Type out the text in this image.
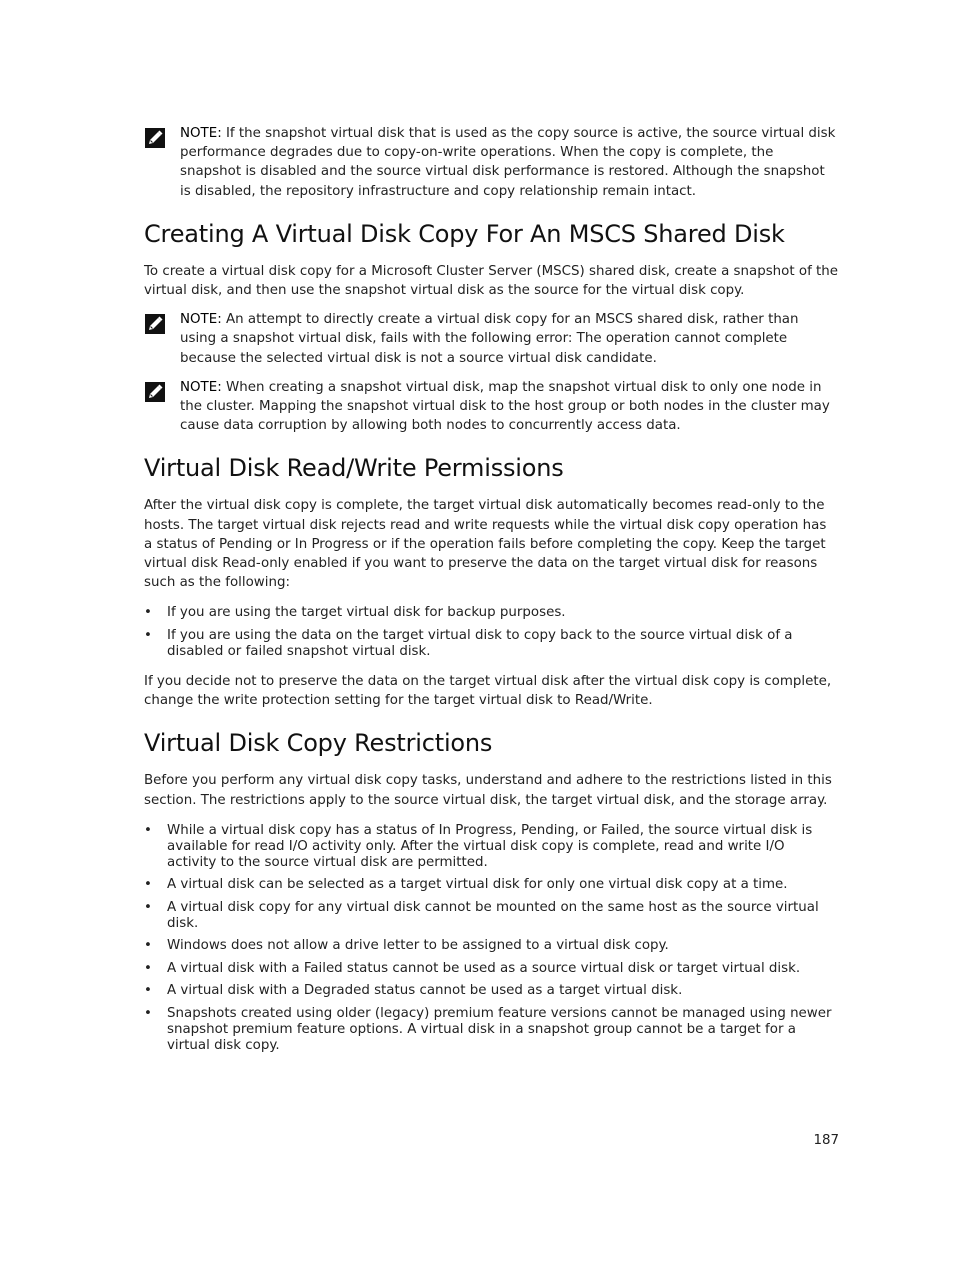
NOTE: If the snapshot virtual disk that is used as the copy source is active, the source virtual disk performance degrades due to copy-on-write operations. When the copy is complete, the snapshot is disabled and the source virtual disk performance is restored. Although the snapshot is disabled, the repository infrastructure and copy relationship remain intact.

Creating A Virtual Disk Copy For An MSCS Shared Disk

To create a virtual disk copy for a Microsoft Cluster Server (MSCS) shared disk, create a snapshot of the virtual disk, and then use the snapshot virtual disk as the source for the virtual disk copy.

NOTE: An attempt to directly create a virtual disk copy for an MSCS shared disk, rather than using a snapshot virtual disk, fails with the following error: The operation cannot complete because the selected virtual disk is not a source virtual disk candidate.

NOTE: When creating a snapshot virtual disk, map the snapshot virtual disk to only one node in the cluster. Mapping the snapshot virtual disk to the host group or both nodes in the cluster may cause data corruption by allowing both nodes to concurrently access data.

Virtual Disk Read/Write Permissions

After the virtual disk copy is complete, the target virtual disk automatically becomes read-only to the hosts. The target virtual disk rejects read and write requests while the virtual disk copy operation has a status of Pending or In Progress or if the operation fails before completing the copy. Keep the target virtual disk Read-only enabled if you want to preserve the data on the target virtual disk for reasons such as the following:

• If you are using the target virtual disk for backup purposes.
• If you are using the data on the target virtual disk to copy back to the source virtual disk of a disabled or failed snapshot virtual disk.

If you decide not to preserve the data on the target virtual disk after the virtual disk copy is complete, change the write protection setting for the target virtual disk to Read/Write.

Virtual Disk Copy Restrictions

Before you perform any virtual disk copy tasks, understand and adhere to the restrictions listed in this section. The restrictions apply to the source virtual disk, the target virtual disk, and the storage array.

• While a virtual disk copy has a status of In Progress, Pending, or Failed, the source virtual disk is available for read I/O activity only. After the virtual disk copy is complete, read and write I/O activity to the source virtual disk are permitted.
• A virtual disk can be selected as a target virtual disk for only one virtual disk copy at a time.
• A virtual disk copy for any virtual disk cannot be mounted on the same host as the source virtual disk.
• Windows does not allow a drive letter to be assigned to a virtual disk copy.
• A virtual disk with a Failed status cannot be used as a source virtual disk or target virtual disk.
• A virtual disk with a Degraded status cannot be used as a target virtual disk.
• Snapshots created using older (legacy) premium feature versions cannot be managed using newer snapshot premium feature options. A virtual disk in a snapshot group cannot be a target for a virtual disk copy.
187
